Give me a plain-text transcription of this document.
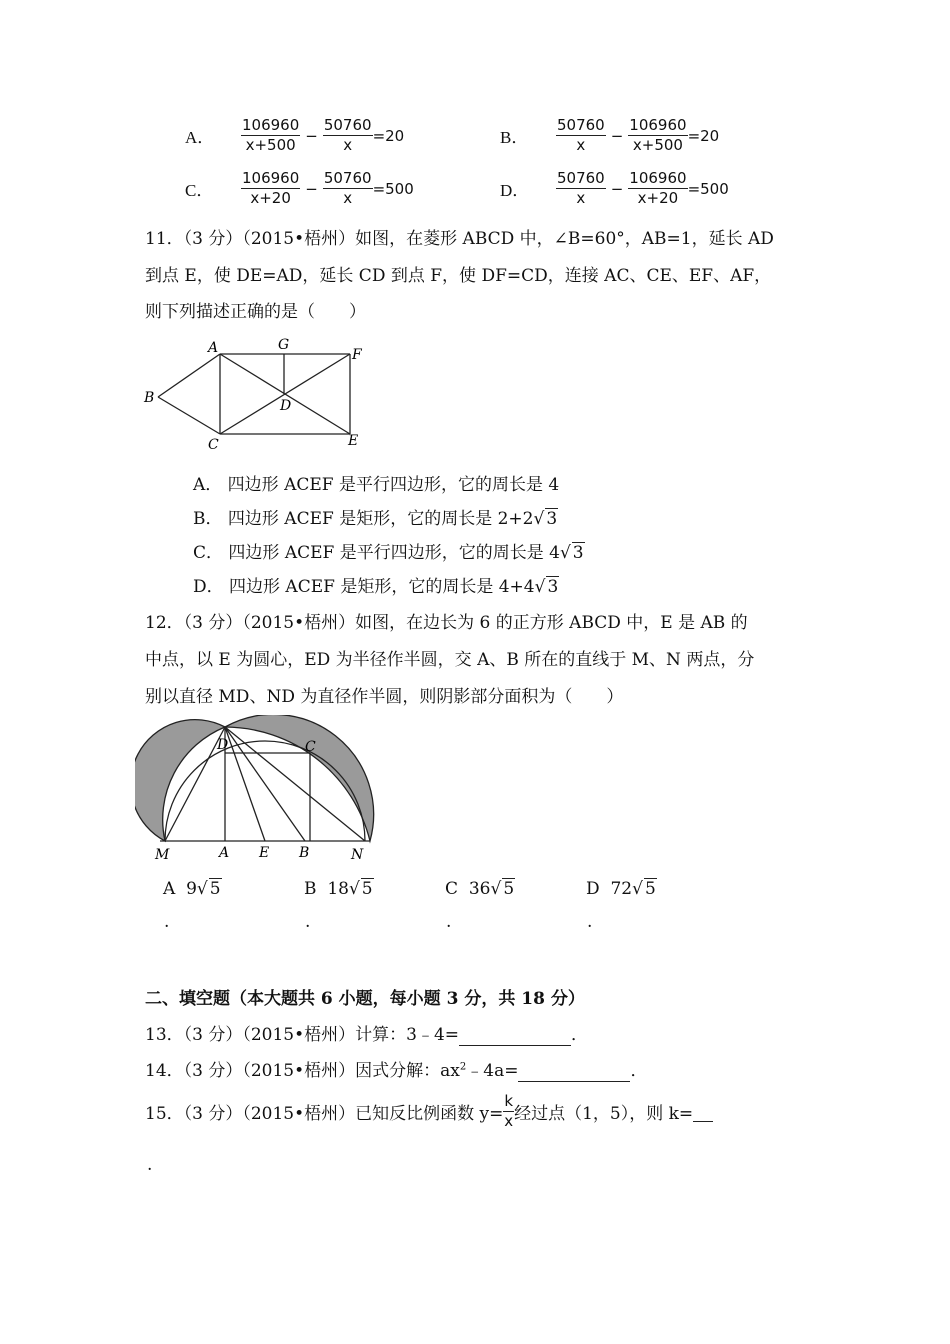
A．	$\frac{106960}{x+500} - \frac{50760}{x} =20$	B．	$\frac{50760}{x} - \frac{106960}{x+500} =20$
C．	$\frac{106960}{x+20} - \frac{50760}{x} =500$	D．	$\frac{50760}{x} - \frac{106960}{x+20} =500$
11．（3 分）（2015•梧州）如图，在菱形 ABCD 中，∠B=60°，AB=1，延长 AD
到点 E，使 DE=AD，延长 CD 到点 F，使 DF=CD，连接 AC、CE、EF、AF，
则下列描述正确的是（　　）
B
A	G
F
D
C	E
A． 四边形 ACEF 是平行四边形，它的周长是 4
B． 四边形 ACEF 是矩形，它的周长是 2+2√ 3
C． 四边形 ACEF 是平行四边形，它的周长是 4√ 3
D． 四边形 ACEF 是矩形，它的周长是 4+4√ 3
12．（3 分）（2015•梧州）如图，在边长为 6 的正方形 ABCD 中，E 是 AB 的
中点，以 E 为圆心，ED 为半径作半圆，交 A、B 所在的直线于 M、N 两点，分
别以直径 MD、ND 为直径作半圆，则阴影部分面积为（　　）
D	C
M	A E B	N
A 9√ 5	B 18√ 5	C 36√ 5	D 72√ 5
.	.	.	.
二、填空题（本大题共 6 小题，每小题 3 分，共 18 分）
13．（3 分）（2015•梧州）计算：3﹣4=	．
14．（3 分）（2015•梧州）因式分解：$ax^2﹣4a=$	．
15．（3 分）（2015•梧州）已知反比例函数 $y= \frac{k}{x}$ 经过点（1，5），则 k=

.
